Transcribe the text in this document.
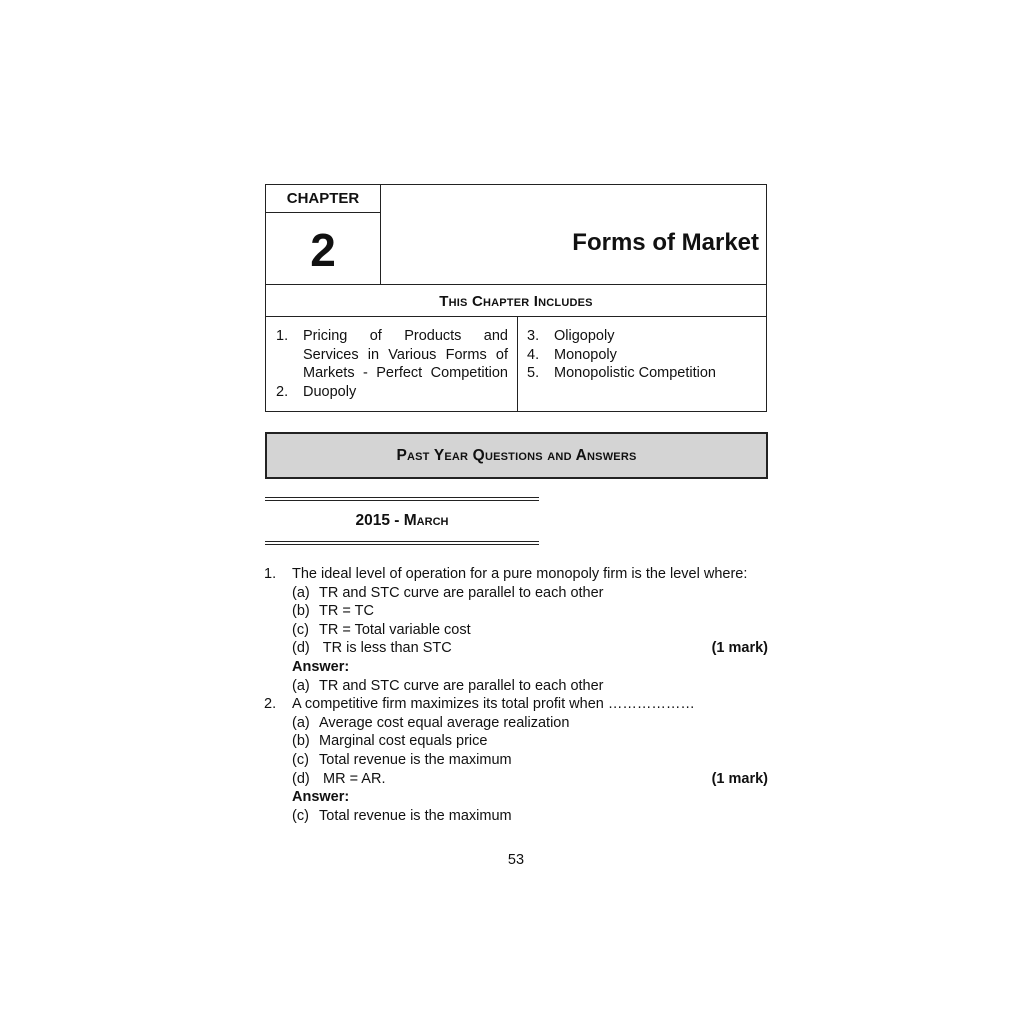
CHAPTER
2	Forms of Market
This Chapter Includes
1.	Pricing of Products and
Services in Various Forms of
Markets - Perfect Competition
2.	Duopoly
3.	Oligopoly
4.	Monopoly
5.	Monopolistic Competition
Past Year Questions and Answers
2015 - March
1.	The ideal level of operation for a pure monopoly firm is the level where:
(a) TR and STC curve are parallel to each other
(b) TR = TC
(c) TR = Total variable cost
(d) TR is less than STC	(1 mark)
Answer:
(a) TR and STC curve are parallel to each other
2.	A competitive firm maximizes its total profit when ………………
(a) Average cost equal average realization
(b) Marginal cost equals price
(c) Total revenue is the maximum
(d) MR = AR.	(1 mark)
Answer:
(c) Total revenue is the maximum
53
